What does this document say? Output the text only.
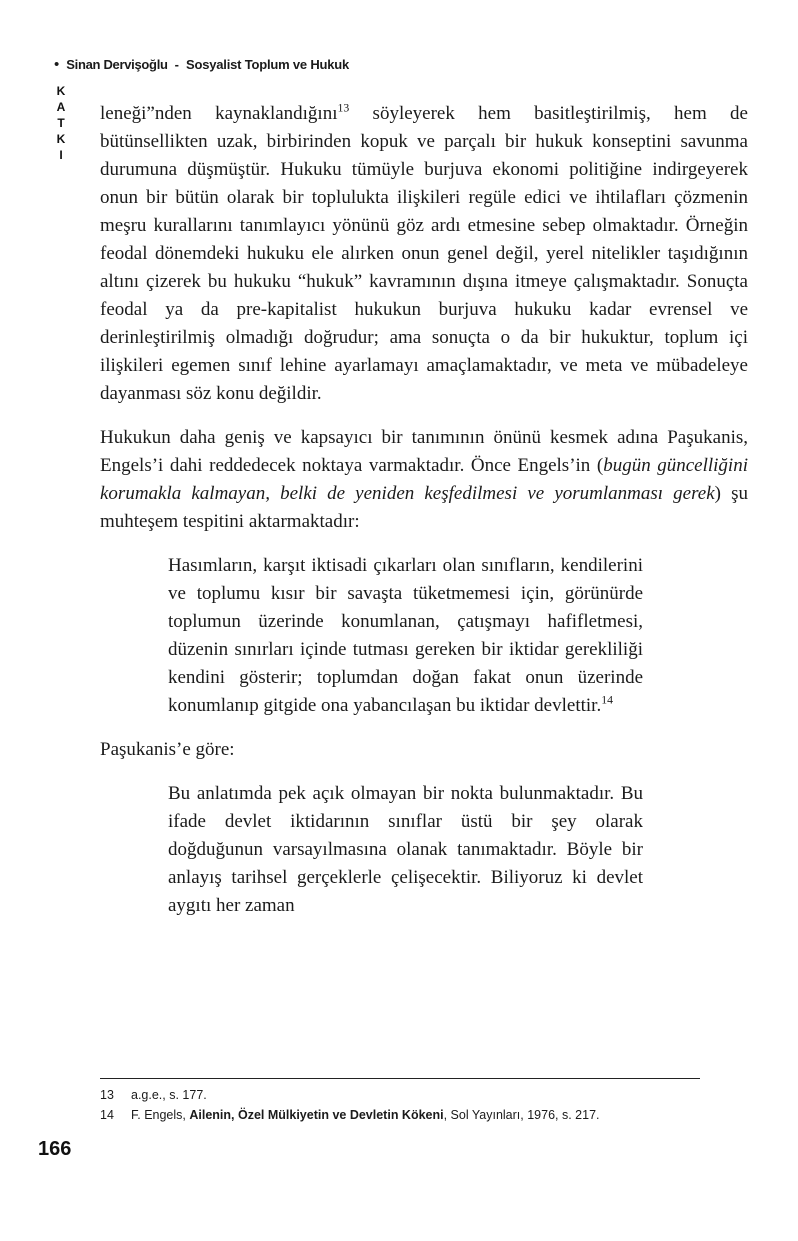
• Sinan Dervişoğlu - Sosyalist Toplum ve Hukuk
KATKI leneği”nden kaynaklandığını$^{13}$ söyleyerek hem basitleştirilmiş, hem de bütünsellikten uzak, birbirinden kopuk ve parçalı bir hukuk konseptini savunma durumuna düşmüştür. Hukuku tümüyle burjuva ekonomi politiğine indirgeyerek onun bir bütün olarak bir toplulukta ilişkileri regüle edici ve ihtilafları çözmenin meşru kurallarını tanımlayıcı yönünü göz ardı etmesine sebep olmaktadır. Örneğin feodal dönemdeki hukuku ele alırken onun genel değil, yerel nitelikler taşıdığının altını çizerek bu hukuku “hukuk” kavramının dışına itmeye çalışmaktadır. Sonuçta feodal ya da pre-kapitalist hukukun burjuva hukuku kadar evrensel ve derinleştirilmiş olmadığı doğrudur; ama sonuçta o da bir hukuktur, toplum içi ilişkileri egemen sınıf lehine ayarlamayı amaçlamaktadır, ve meta ve mübadeleye dayanması söz konu değildir.

Hukukun daha geniş ve kapsayıcı bir tanımının önünü kesmek adına Paşukanis, Engels’i dahi reddedecek noktaya varmaktadır. Önce Engels’in (bugün güncelliğini korumakla kalmayan, belki de yeniden keşfedilmesi ve yorumlanması gerek) şu muhteşem tespitini aktarmaktadır:

Hasımların, karşıt iktisadi çıkarları olan sınıfların, kendilerini ve toplumu kısır bir savaşta tüketmemesi için, görünürde toplumun üzerinde konumlanan, çatışmayı hafifletmesi, düzenin sınırları içinde tutması gereken bir iktidar gerekliliği kendini gösterir; toplumdan doğan fakat onun üzerinde konumlanıp gitgide ona yabancılaşan bu iktidar devlettir.$^{14}$

Paşukanis’e göre:

Bu anlatımda pek açık olmayan bir nokta bulunmaktadır. Bu ifade devlet iktidarının sınıflar üstü bir şey olarak doğduğunun varsayılmasına olanak tanımaktadır. Böyle bir anlayış tarihsel gerçeklerle çelişecektir. Biliyoruz ki devlet aygıtı her zaman
13	a.g.e., s. 177.
14	F. Engels, Ailenin, Özel Mülkiyetin ve Devletin Kökeni, Sol Yayınları, 1976, s. 217.
166
